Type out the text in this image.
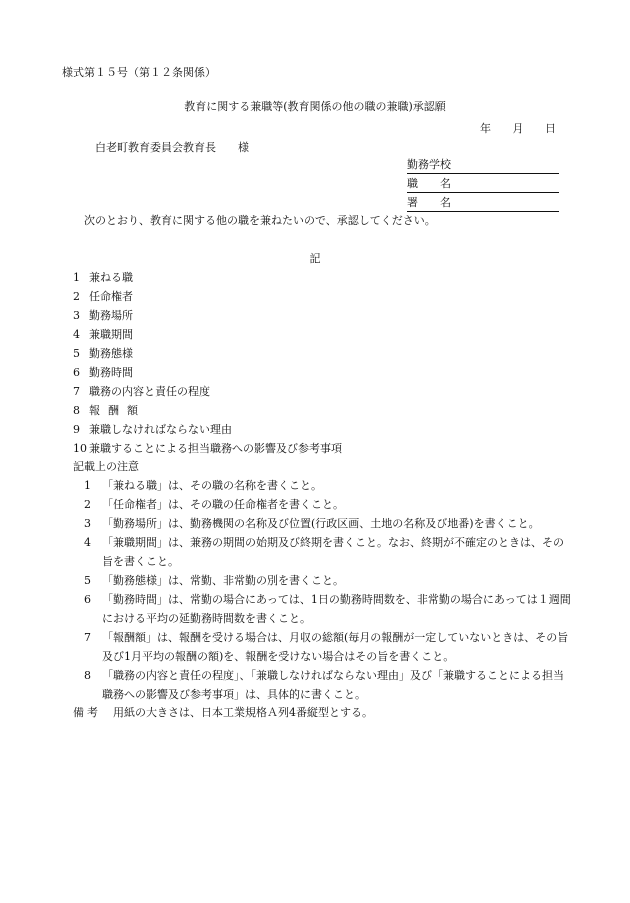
様式第１５号（第１２条関係）
教育に関する兼職等(教育関係の他の職の兼職)承認願
年 月 日
白老町教育委員会教育長 様
勤務学校
職　　名
署　　名
次のとおり、教育に関する他の職を兼ねたいので、承認してください。
記
1 兼ねる職
2 任命権者
3 勤務場所
4 兼職期間
5 勤務態様
6 勤務時間
7 職務の内容と責任の程度
8 報酬額
9 兼職しなければならない理由
10 兼職することによる担当職務への影響及び参考事項
記載上の注意
1	「兼ねる職」は、その職の名称を書くこと。
2	「任命権者」は、その職の任命権者を書くこと。
3	「勤務場所」は、勤務機関の名称及び位置(行政区画、土地の名称及び地番)を書くこと。
4	「兼職期間」は、兼務の期間の始期及び終期を書くこと。なお、終期が不確定のときは、その旨を書くこと。
5	「勤務態様」は、常勤、非常勤の別を書くこと。
6	「勤務時間」は、常勤の場合にあっては、1日の勤務時間数を、非常勤の場合にあっては１週間における平均の延勤務時間数を書くこと。
7	「報酬額」は、報酬を受ける場合は、月収の総額(毎月の報酬が一定していないときは、その旨及び1月平均の報酬の額)を、報酬を受けない場合はその旨を書くこと。
8	「職務の内容と責任の程度」、「兼職しなければならない理由」及び「兼職することによる担当職務への影響及び参考事項」は、具体的に書くこと。
備考 用紙の大きさは、日本工業規格Ａ列4番縦型とする。
